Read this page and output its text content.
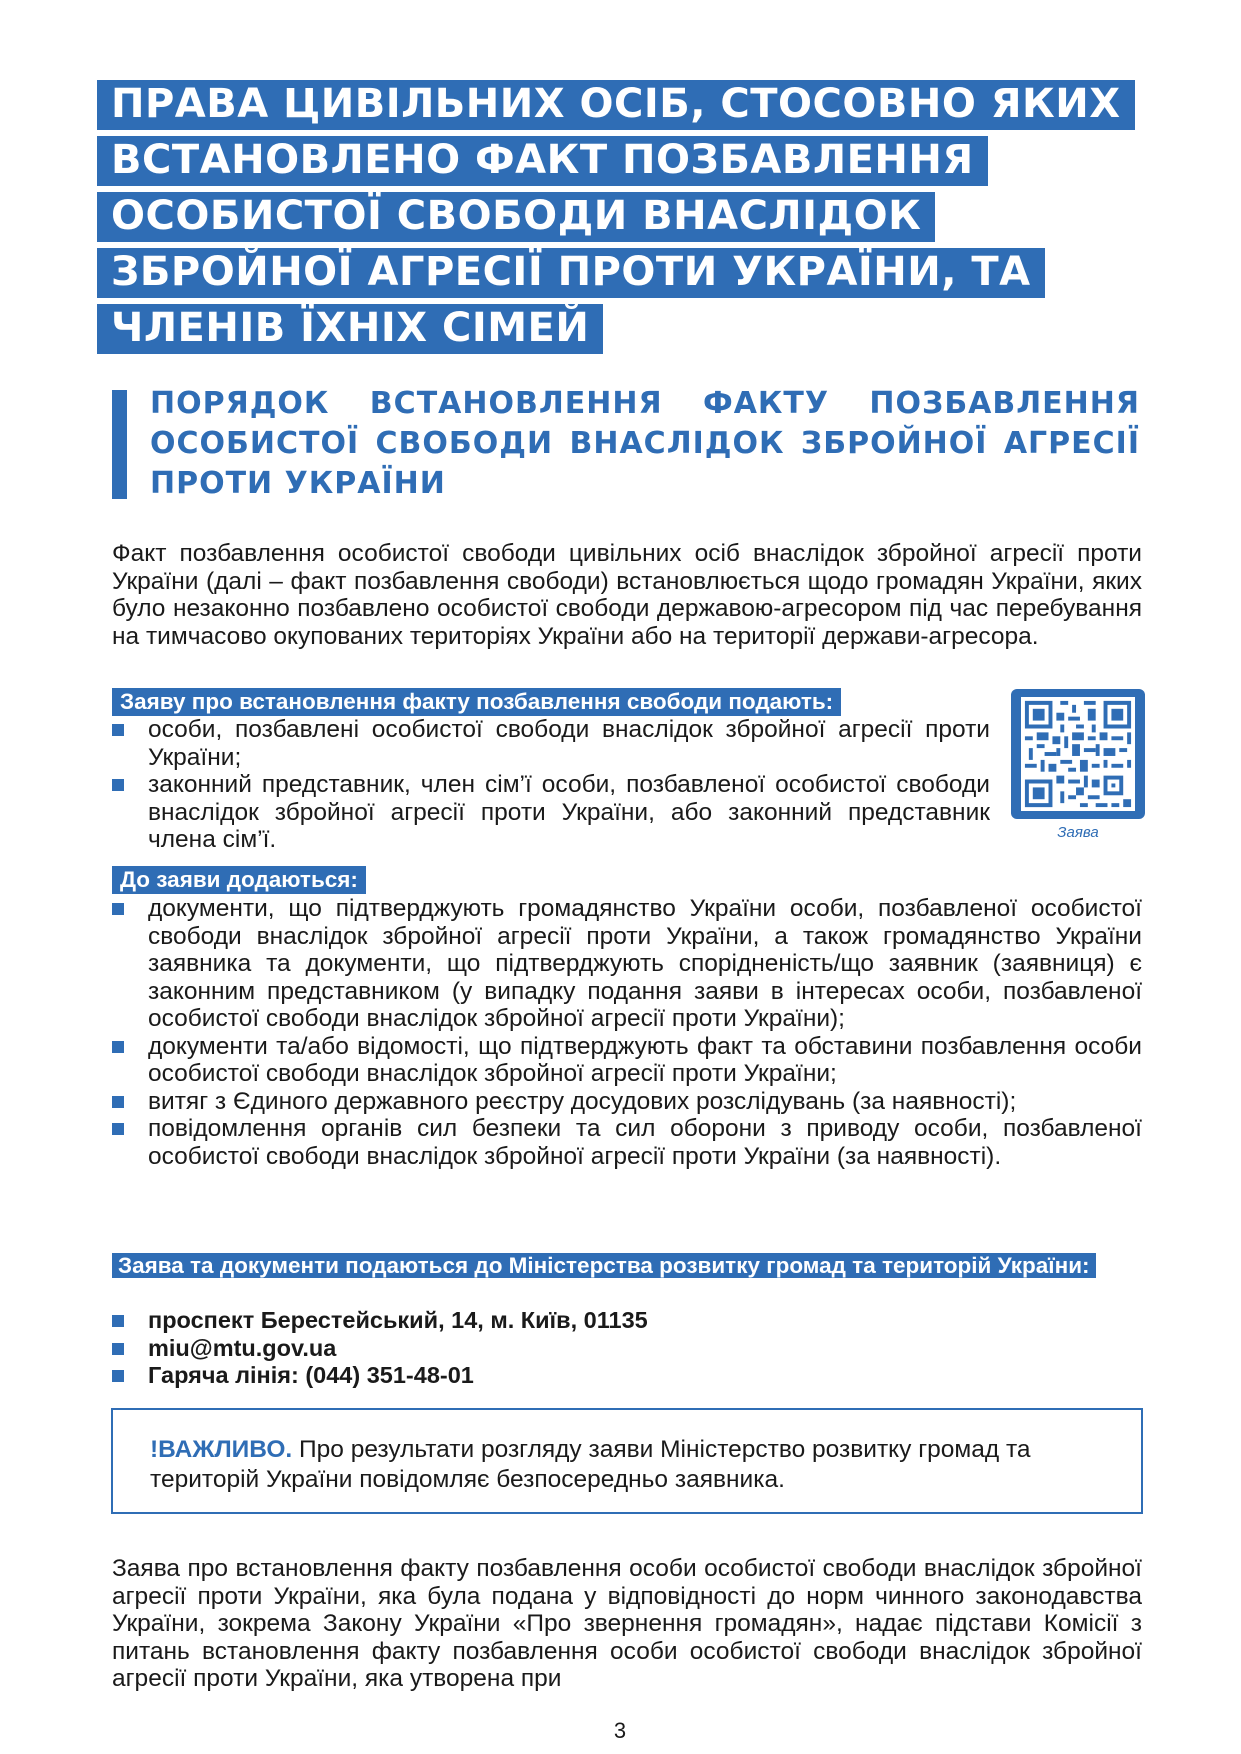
ПРАВА ЦИВІЛЬНИХ ОСІБ, СТОСОВНО ЯКИХ ВСТАНОВЛЕНО ФАКТ ПОЗБАВЛЕННЯ ОСОБИСТОЇ СВОБОДИ ВНАСЛІДОК ЗБРОЙНОЇ АГРЕСІЇ ПРОТИ УКРАЇНИ, ТА ЧЛЕНІВ ЇХНІХ СІМЕЙ
ПОРЯДОК ВСТАНОВЛЕННЯ ФАКТУ ПОЗБАВЛЕННЯ ОСОБИСТОЇ СВОБОДИ ВНАСЛІДОК ЗБРОЙНОЇ АГРЕСІЇ ПРОТИ УКРАЇНИ

Факт позбавлення особистої свободи цивільних осіб внаслідок збройної агресії проти України (далі – факт позбавлення свободи) встановлюється щодо громадян України, яких було незаконно позбавлено особистої свободи державою-агресором під час перебування на тимчасово окупованих територіях України або на території держави-агресора.

Заяву про встановлення факту позбавлення свободи подають:
особи, позбавлені особистої свободи внаслідок збройної агресії проти України;
законний представник, член сім’ї особи, позбавленої особистої свободи внаслідок збройної агресії проти України, або законний представник члена сім’ї.	Заява

До заяви додаються:
документи, що підтверджують громадянство України особи, позбавленої особистої свободи внаслідок збройної агресії проти України, а також громадянство України заявника та документи, що підтверджують спорідненість/що заявник (заявниця) є законним представником (у випадку подання заяви в інтересах особи, позбавленої особистої свободи внаслідок збройної агресії проти України);
документи та/або відомості, що підтверджують факт та обставини позбавлення особи особистої свободи внаслідок збройної агресії проти України;
витяг з Єдиного державного реєстру досудових розслідувань (за наявності);
повідомлення органів сил безпеки та сил оборони з приводу особи, позбавленої особистої свободи внаслідок збройної агресії проти України (за наявності).

Заява та документи подаються до Міністерства розвитку громад та територій України:

проспект Берестейський, 14, м. Київ, 01135
miu@mtu.gov.ua
Гаряча лінія: (044) 351-48-01

!ВАЖЛИВО. Про результати розгляду заяви Міністерство розвитку громад та територій України повідомляє безпосередньо заявника.

Заява про встановлення факту позбавлення особи особистої свободи внаслідок збройної агресії проти України, яка була подана у відповідності до норм чинного законодавства України, зокрема Закону України «Про звернення громадян», надає підстави Комісії з питань встановлення факту позбавлення особи особистої свободи внаслідок збройної агресії проти України, яка утворена при

3
